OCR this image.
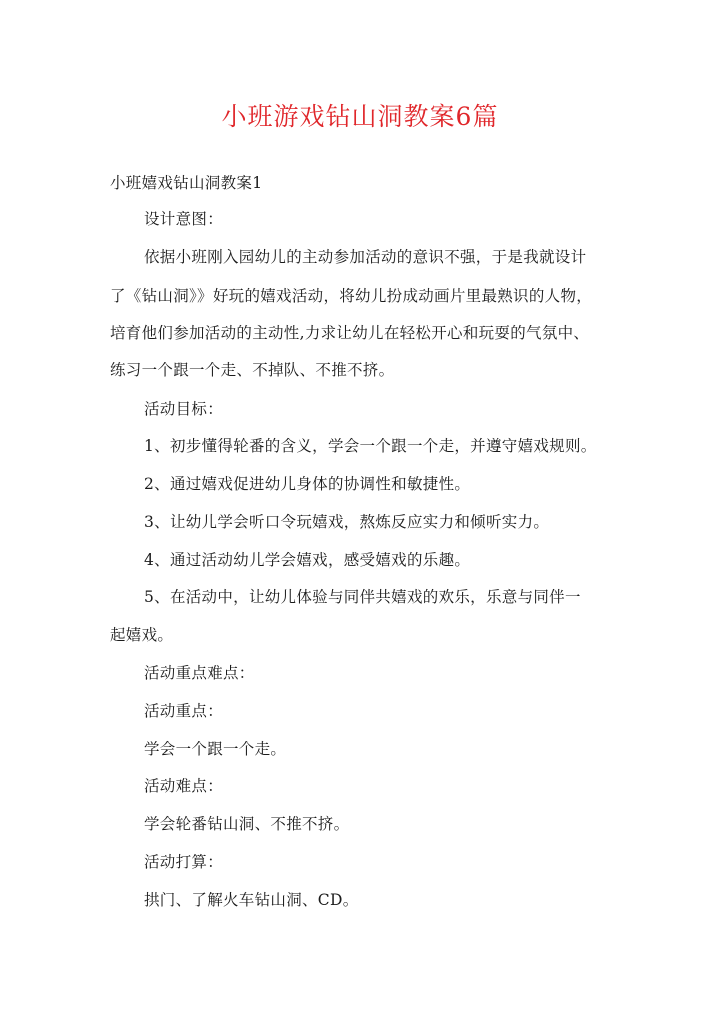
小班游戏钻山洞教案6篇
小班嬉戏钻山洞教案1
设计意图：
依据小班刚入园幼儿的主动参加活动的意识不强，于是我就设计
了《钻山洞》》好玩的嬉戏活动，将幼儿扮成动画片里最熟识的人物，
培育他们参加活动的主动性,力求让幼儿在轻松开心和玩耍的气氛中、
练习一个跟一个走、不掉队、不推不挤。
活动目标：
1、初步懂得轮番的含义，学会一个跟一个走，并遵守嬉戏规则。
2、通过嬉戏促进幼儿身体的协调性和敏捷性。
3、让幼儿学会听口令玩嬉戏，熬炼反应实力和倾听实力。
4、通过活动幼儿学会嬉戏，感受嬉戏的乐趣。
5、在活动中，让幼儿体验与同伴共嬉戏的欢乐，乐意与同伴一
起嬉戏。
活动重点难点：
活动重点：
学会一个跟一个走。
活动难点：
学会轮番钻山洞、不推不挤。
活动打算：
拱门、了解火车钻山洞、CD。
